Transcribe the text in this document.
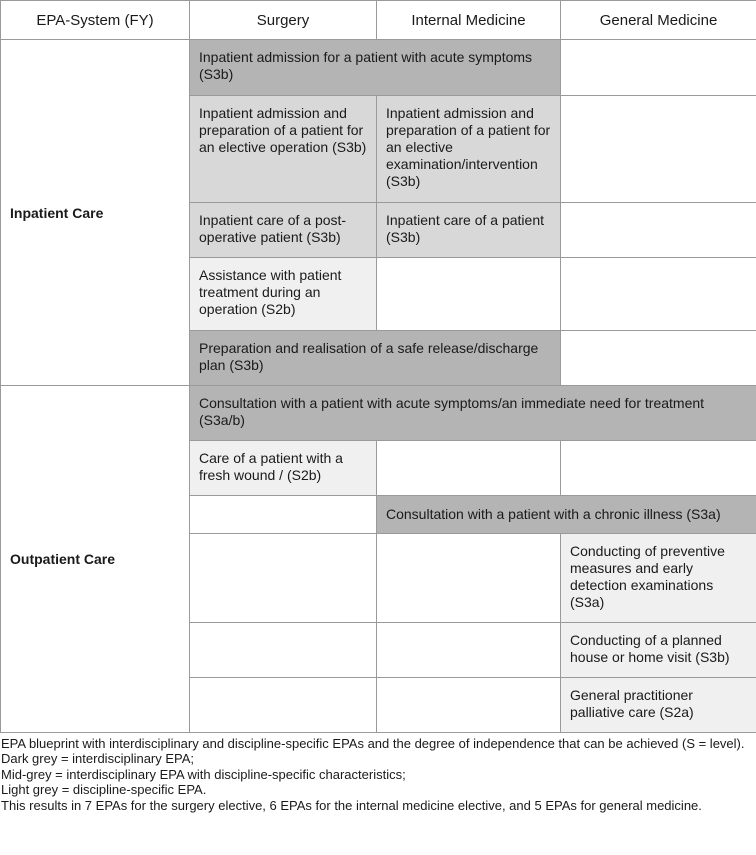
EPA-System (FY)	Surgery	Internal Medicine	General Medicine
Inpatient Care	Inpatient admission for a patient with acute symptoms (S3b)		
	Inpatient admission and preparation of a patient for an elective operation (S3b)	Inpatient admission and preparation of a patient for an elective examination/intervention (S3b)	
	Inpatient care of a post-operative patient (S3b)	Inpatient care of a patient (S3b)	
	Assistance with patient treatment during an operation (S2b)		
	Preparation and realisation of a safe release/discharge plan (S3b)		
Outpatient Care	Consultation with a patient with acute symptoms/an immediate need for treatment (S3a/b)		
	Care of a patient with a fresh wound / (S2b)		
		Consultation with a patient with a chronic illness (S3a)	
			Conducting of preventive measures and early detection examinations (S3a)
			Conducting of a planned house or home visit (S3b)
			General practitioner palliative care (S2a)
EPA blueprint with interdisciplinary and discipline-specific EPAs and the degree of independence that can be achieved (S = level).
Dark grey = interdisciplinary EPA;
Mid-grey = interdisciplinary EPA with discipline-specific characteristics;
Light grey = discipline-specific EPA.
This results in 7 EPAs for the surgery elective, 6 EPAs for the internal medicine elective, and 5 EPAs for general medicine.
